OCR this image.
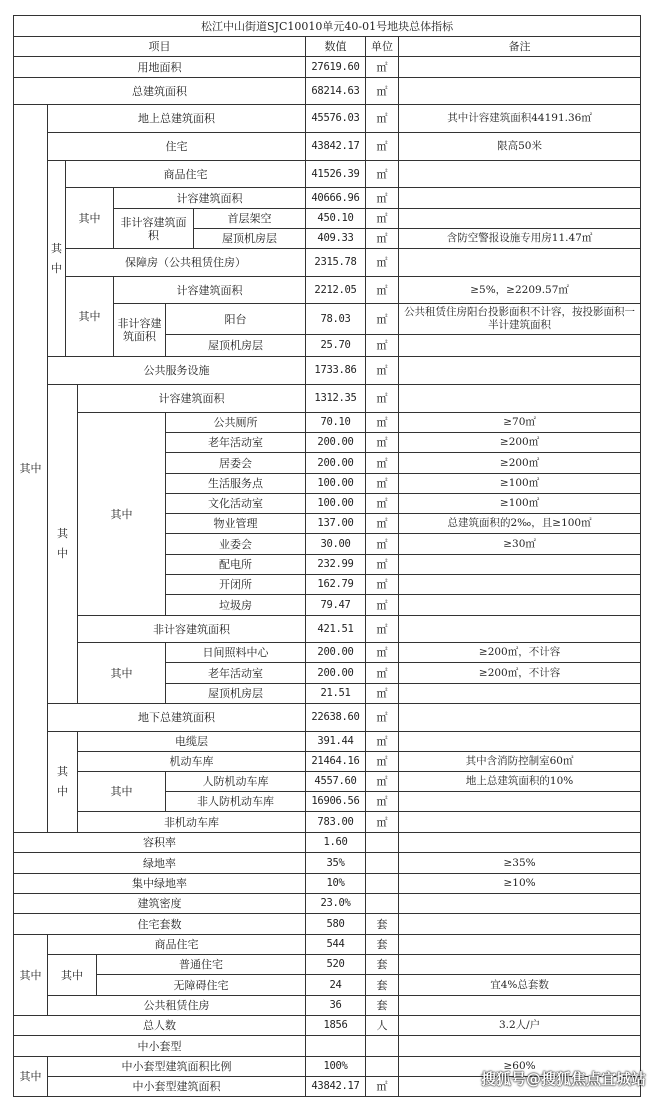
松江中山街道SJC10010单元40-01号地块总体指标										
项目								数值	单位	备注
用地面积								27619.60	㎡	
总建筑面积								68214.63	㎡	
其中	地上总建筑面积							45576.03	㎡	其中计容建筑面积44191.36㎡
	住宅							43842.17	㎡	限高50米
	其中	商品住宅						41526.39	㎡	
		其中			计容建筑面积			40666.96	㎡	
					非计容建筑面积		首层架空	450.10	㎡	
							屋顶机房层	409.33	㎡	含防空警报设施专用房11.47㎡
		保障房（公共租赁住房）						2315.78	㎡	
		其中			计容建筑面积			2212.05	㎡	≥5%，≥2209.57㎡
					非计容建筑面积	阳台		78.03	㎡	公共租赁住房阳台投影面积不计容，按投影面积一半计建筑面积
						屋顶机房层		25.70	㎡	
	公共服务设施							1733.86	㎡	
	其中		计容建筑面积					1312.35	㎡	
			其中			公共厕所		70.10	㎡	≥70㎡
						老年活动室		200.00	㎡	≥200㎡
						居委会		200.00	㎡	≥200㎡
						生活服务点		100.00	㎡	≥100㎡
						文化活动室		100.00	㎡	≥100㎡
						物业管理		137.00	㎡	总建筑面积的2‰，且≥100㎡
						业委会		30.00	㎡	≥30㎡
						配电所		232.99	㎡	
						开闭所		162.79	㎡	
						垃圾房		79.47	㎡	
			非计容建筑面积					421.51	㎡	
			其中			日间照料中心		200.00	㎡	≥200㎡，不计容
						老年活动室		200.00	㎡	≥200㎡，不计容
						屋顶机房层		21.51	㎡	
	地下总建筑面积							22638.60	㎡	
	其中		电缆层					391.44	㎡	
			机动车库					21464.16	㎡	其中含消防控制室60㎡
			其中			人防机动车库		4557.60	㎡	地上总建筑面积的10%
						非人防机动车库		16906.56	㎡	
			非机动车库					783.00	㎡	
容积率								1.60		
绿地率								35%		≥35%
集中绿地率								10%		≥10%
建筑密度								23.0%		
住宅套数								580	套	
其中	商品住宅							544	套	
	其中			普通住宅				520	套	
				无障碍住宅				24	套	宜4%总套数
	公共租赁住房							36	套	
总人数								1856	人	3.2人/户
中小套型										
其中	中小套型建筑面积比例							100%		≥60%
	中小套型建筑面积							43842.17	㎡		搜狐号@搜狐焦点宜城站
